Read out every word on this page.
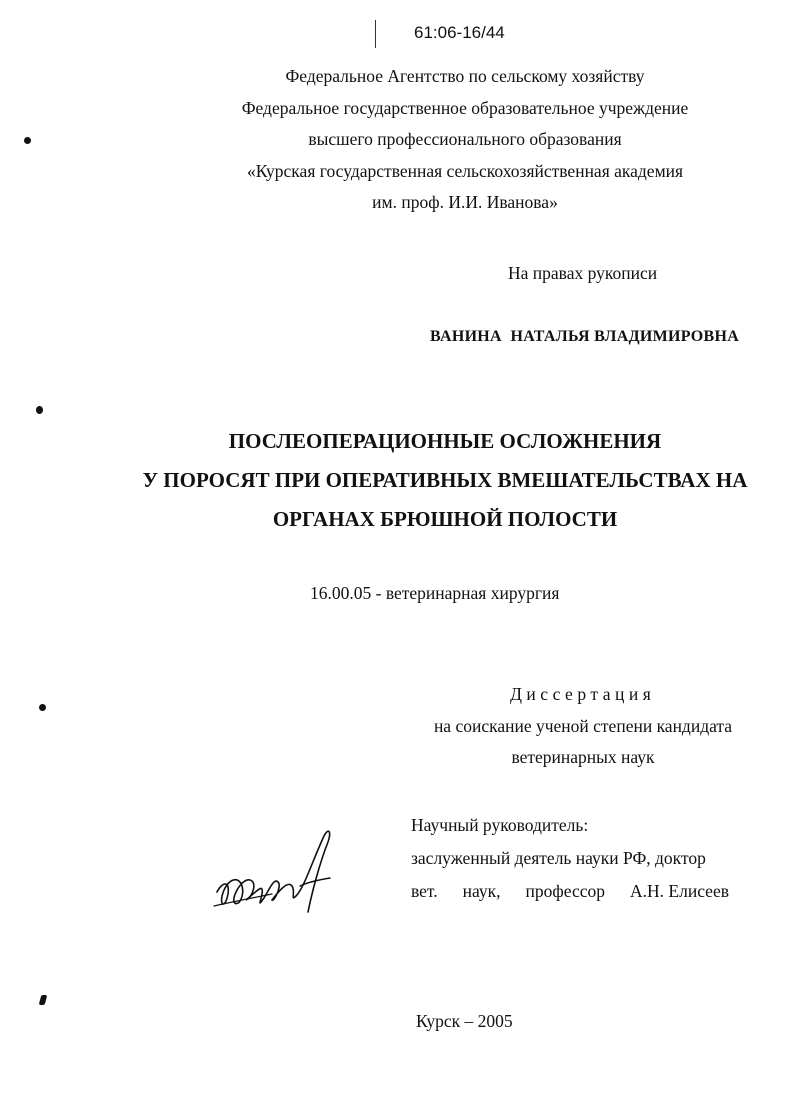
61:06-16/44
Федеральное Агентство по сельскому хозяйству
Федеральное государственное образовательное учреждение
высшего профессионального образования
«Курская государственная сельскохозяйственная академия
им. проф. И.И. Иванова»
На правах рукописи
ВАНИНА  НАТАЛЬЯ ВЛАДИМИРОВНА
ПОСЛЕОПЕРАЦИОННЫЕ ОСЛОЖНЕНИЯ
У ПОРОСЯТ ПРИ ОПЕРАТИВНЫХ ВМЕШАТЕЛЬСТВАХ НА
ОРГАНАХ БРЮШНОЙ ПОЛОСТИ
16.00.05 - ветеринарная хирургия
Диссертация
на соискание ученой степени кандидата
ветеринарных наук
Научный руководитель:
заслуженный деятель науки РФ, доктор
вет. наук, профессор А.Н. Елисеев
Курск – 2005
